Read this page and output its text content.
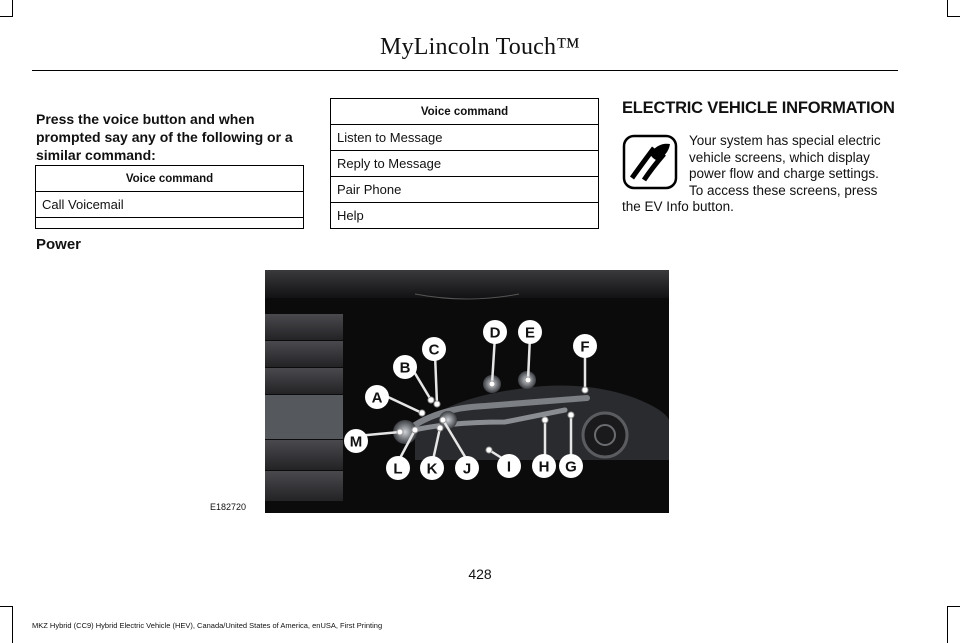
MyLincoln Touch™
Press the voice button and when prompted say any of the following or a similar command:
Voice command
Call Voicemail

Voice command
Listen to Message
Reply to Message
Pair Phone
Help
ELECTRIC VEHICLE INFORMATION
Your system has special electric vehicle screens, which display power flow and charge settings. To access these screens, press the EV Info button.
Power
A
B
C
D E
F
G
H
I
J
K
L
M
E182720
428
MKZ Hybrid (CC9) Hybrid Electric Vehicle (HEV), Canada/United States of America, enUSA, First Printing
